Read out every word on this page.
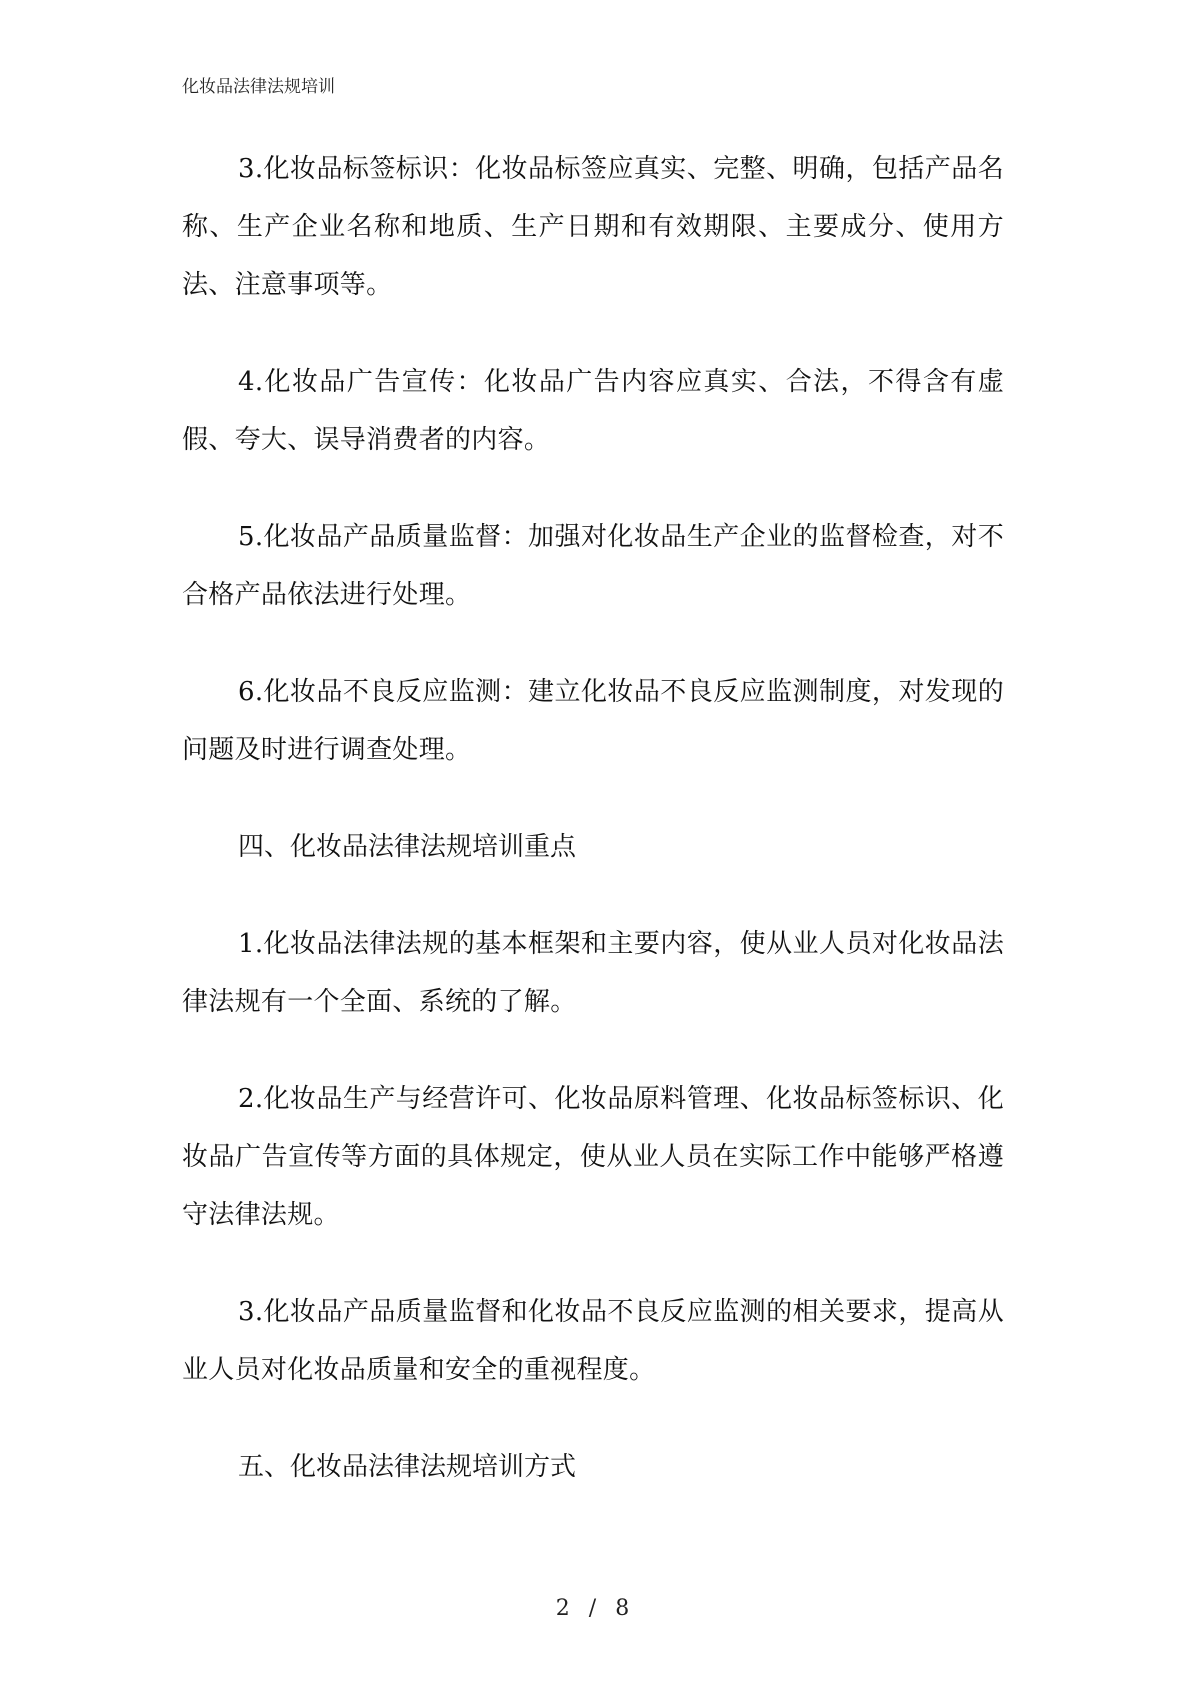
化妆品法律法规培训

3.化妆品标签标识：化妆品标签应真实、完整、明确，包括产品名称、生产企业名称和地质、生产日期和有效期限、主要成分、使用方法、注意事项等。

4.化妆品广告宣传：化妆品广告内容应真实、合法，不得含有虚假、夸大、误导消费者的内容。

5.化妆品产品质量监督：加强对化妆品生产企业的监督检查，对不合格产品依法进行处理。

6.化妆品不良反应监测：建立化妆品不良反应监测制度，对发现的问题及时进行调查处理。

四、化妆品法律法规培训重点

1.化妆品法律法规的基本框架和主要内容，使从业人员对化妆品法律法规有一个全面、系统的了解。

2.化妆品生产与经营许可、化妆品原料管理、化妆品标签标识、化妆品广告宣传等方面的具体规定，使从业人员在实际工作中能够严格遵守法律法规。

3.化妆品产品质量监督和化妆品不良反应监测的相关要求，提高从业人员对化妆品质量和安全的重视程度。

五、化妆品法律法规培训方式

2 / 8
